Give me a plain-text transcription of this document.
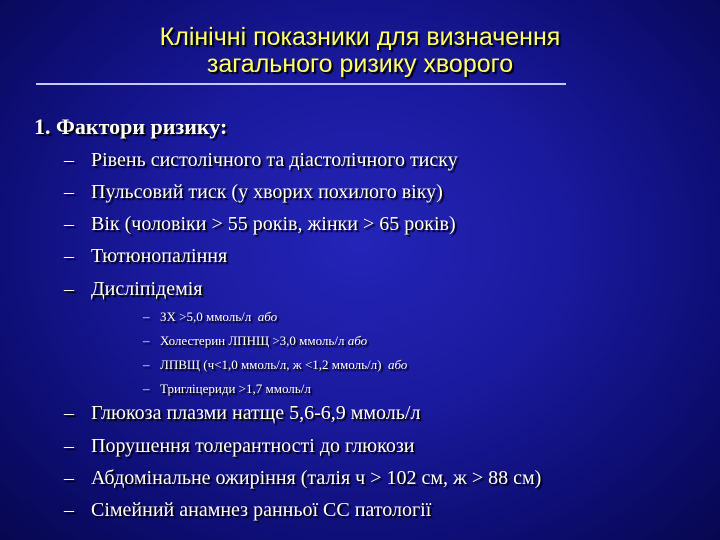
Клінічні показники для визначення
загального ризику хворого
1. Фактори ризику:
– Рівень систолічного та діастолічного тиску
– Пульсовий тиск (у хворих похилого віку)
– Вік (чоловіки > 55 років, жінки > 65 років)
– Тютюнопаління
– Дисліпідемія
– ЗХ >5,0 ммоль/л або
– Холестерин ЛПНЩ >3,0 ммоль/л або
– ЛПВЩ (ч<1,0 ммоль/л, ж <1,2 ммоль/л) або
– Тригліцериди >1,7 ммоль/л
– Глюкоза плазми натще 5,6-6,9 ммоль/л
– Порушення толерантності до глюкози
– Абдомінальне ожиріння (талія ч > 102 см, ж > 88 см)
– Сімейний анамнез ранньої СС патології
